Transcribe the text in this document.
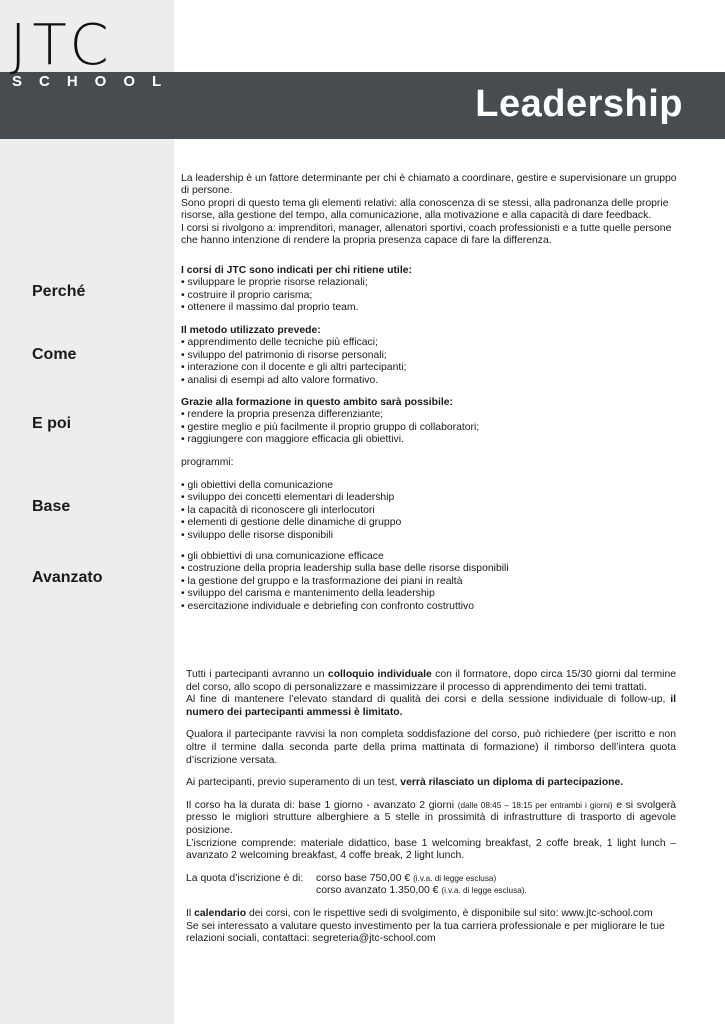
JTC
SCHOOL
Leadership
Perché
Come
E poi
Base
Avanzato

La leadership è un fattore determinante per chi è chiamato a coordinare, gestire e supervisionare un gruppo di persone.

Sono propri di questo tema gli elementi relativi: alla conoscenza di se stessi, alla padronanza delle proprie risorse, alla gestione del tempo, alla comunicazione, alla motivazione e alla capacità di dare feedback.

I corsi si rivolgono a: imprenditori, manager, allenatori sportivi, coach professionisti e a tutte quelle persone che hanno intenzione di rendere la propria presenza capace di fare la differenza.

I corsi di JTC sono indicati per chi ritiene utile:

• sviluppare le proprie risorse relazionali;

• costruire il proprio carisma;

• ottenere il massimo dal proprio team.

Il metodo utilizzato prevede:

• apprendimento delle tecniche più efficaci;

• sviluppo del patrimonio di risorse personali;

• interazione con il docente e gli altri partecipanti;

• analisi di esempi ad alto valore formativo.

Grazie alla formazione in questo ambito sarà possibile:

• rendere la propria presenza differenziante;

• gestire meglio e più facilmente il proprio gruppo di collaboratori;

• raggiungere con maggiore efficacia gli obiettivi.

programmi:

• gli obiettivi della comunicazione

• sviluppo dei concetti elementari di leadership

• la capacità di riconoscere gli interlocutori

• elementi di gestione delle dinamiche di gruppo

• sviluppo delle risorse disponibili

• gli obbiettivi di una comunicazione efficace

• costruzione della propria leadership sulla base delle risorse disponibili

• la gestione del gruppo e la trasformazione dei piani in realtà

• sviluppo del carisma e mantenimento della leadership

• esercitazione individuale e debriefing con confronto costruttivo

Tutti i partecipanti avranno un colloquio individuale con il formatore, dopo circa 15/30 giorni dal termine del corso, allo scopo di personalizzare e massimizzare il processo di apprendimento dei temi trattati.

Al fine di mantenere l’elevato standard di qualità dei corsi e della sessione individuale di follow-up, il numero dei partecipanti ammessi è limitato.

Qualora il partecipante ravvisi la non completa soddisfazione del corso, può richiedere (per iscritto e non oltre il termine dalla seconda parte della prima mattinata di formazione) il rimborso dell’intera quota d’iscrizione versata.

Ai partecipanti, previo superamento di un test, verrà rilasciato un diploma di partecipazione.

Il corso ha la durata di: base 1 giorno - avanzato 2 giorni (dalle 08:45 – 18:15 per entrambi i giorni) e si svolgerà presso le migliori strutture alberghiere a 5 stelle in prossimità di infrastrutture di trasporto di agevole posizione.

L’iscrizione comprende: materiale didattico, base 1 welcoming breakfast, 2 coffe break, 1 light lunch – avanzato 2 welcoming breakfast, 4 coffe break, 2 light lunch.

La quota d’iscrizione è di:	corso base 750,00 € (i.v.a. di legge esclusa)

corso avanzato 1.350,00 € (i.v.a. di legge esclusa).

Il calendario dei corsi, con le rispettive sedi di svolgimento, è disponibile sul sito: www.jtc-school.com

Se sei interessato a valutare questo investimento per la tua carriera professionale e per migliorare le tue relazioni sociali, contattaci: segreteria@jtc-school.com
